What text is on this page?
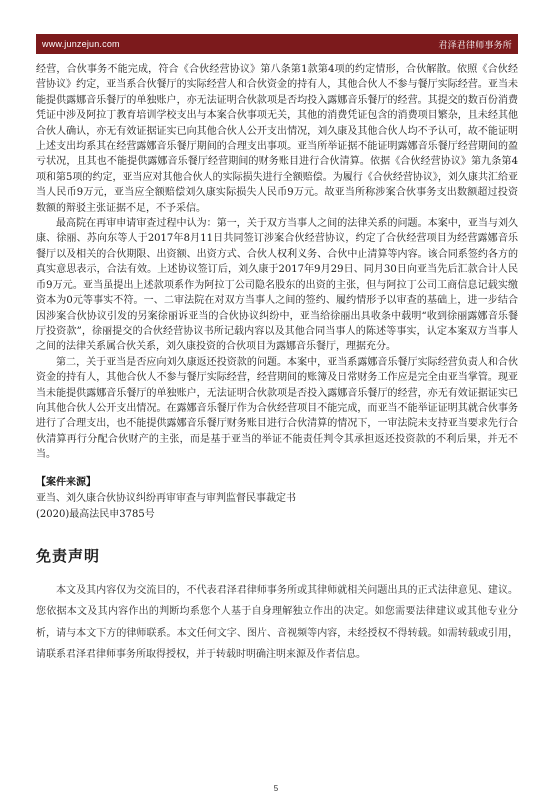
www.junzejun.com	君泽君律师事务所

经营，合伙事务不能完成，符合《合伙经营协议》第八条第1款第4项的约定情形，合伙解散。依照《合伙经营协议》约定，亚当系合伙餐厅的实际经营人和合伙资金的持有人，其他合伙人不参与餐厅实际经营。亚当未能提供露娜音乐餐厅的单独账户，亦无法证明合伙款项是否均投入露娜音乐餐厅的经营。其提交的数百份消费凭证中涉及阿拉丁教育培训学校支出与本案合伙事项无关，其他的消费凭证包含的消费项目繁杂，且未经其他合伙人确认，亦无有效证据证实已向其他合伙人公开支出情况，刘久康及其他合伙人均不予认可，故不能证明上述支出均系其在经营露娜音乐餐厅期间的合理支出事项。亚当所举证据不能证明露娜音乐餐厅经营期间的盈亏状况，且其也不能提供露娜音乐餐厅经营期间的财务账目进行合伙清算。依据《合伙经营协议》第九条第4项和第5项的约定，亚当应对其他合伙人的实际损失进行全额赔偿。为履行《合伙经营协议》，刘久康共汇给亚当人民币9万元，亚当应全额赔偿刘久康实际损失人民币9万元。故亚当所称涉案合伙事务支出数额超过投资数额的辩驳主张证据不足，不予采信。

最高院在再审申请审查过程中认为：第一，关于双方当事人之间的法律关系的问题。本案中，亚当与刘久康、徐丽、苏向东等人于2017年8月11日共同签订涉案合伙经营协议，约定了合伙经营项目为经营露娜音乐餐厅以及相关的合伙期限、出资额、出资方式、合伙人权利义务、合伙中止清算等内容。该合同系签约各方的真实意思表示，合法有效。上述协议签订后，刘久康于2017年9月29日、同月30日向亚当先后汇款合计人民币9万元。亚当虽提出上述款项系作为阿拉丁公司隐名股东的出资的主张，但与阿拉丁公司工商信息记载实缴资本为0元等事实不符。一、二审法院在对双方当事人之间的签约、履约情形予以审查的基础上，进一步结合因涉案合伙协议引发的另案徐丽诉亚当的合伙协议纠纷中，亚当给徐丽出具收条中载明“收到徐丽露娜音乐餐厅投资款”，徐丽提交的合伙经营协议书所记载内容以及其他合同当事人的陈述等事实，认定本案双方当事人之间的法律关系属合伙关系，刘久康投资的合伙项目为露娜音乐餐厅，理据充分。

第二，关于亚当是否应向刘久康返还投资款的问题。本案中，亚当系露娜音乐餐厅实际经营负责人和合伙资金的持有人，其他合伙人不参与餐厅实际经营，经营期间的账簿及日常财务工作应是完全由亚当掌管。现亚当未能提供露娜音乐餐厅的单独账户，无法证明合伙款项是否投入露娜音乐餐厅的经营，亦无有效证据证实已向其他合伙人公开支出情况。在露娜音乐餐厅作为合伙经营项目不能完成，而亚当不能举证证明其就合伙事务进行了合理支出，也不能提供露娜音乐餐厅财务账目进行合伙清算的情况下，一审法院未支持亚当要求先行合伙清算再行分配合伙财产的主张，而是基于亚当的举证不能责任判令其承担返还投资款的不利后果，并无不当。

【案件来源】
亚当、刘久康合伙协议纠纷再审审查与审判监督民事裁定书
(2020)最高法民申3785号
免责声明
本文及其内容仅为交流目的，不代表君泽君律师事务所或其律师就相关问题出具的正式法律意见、建议。您依据本文及其内容作出的判断均系您个人基于自身理解独立作出的决定。如您需要法律建议或其他专业分析，请与本文下方的律师联系。本文任何文字、图片、音视频等内容，未经授权不得转载。如需转载或引用，请联系君泽君律师事务所取得授权，并于转载时明确注明来源及作者信息。
5
